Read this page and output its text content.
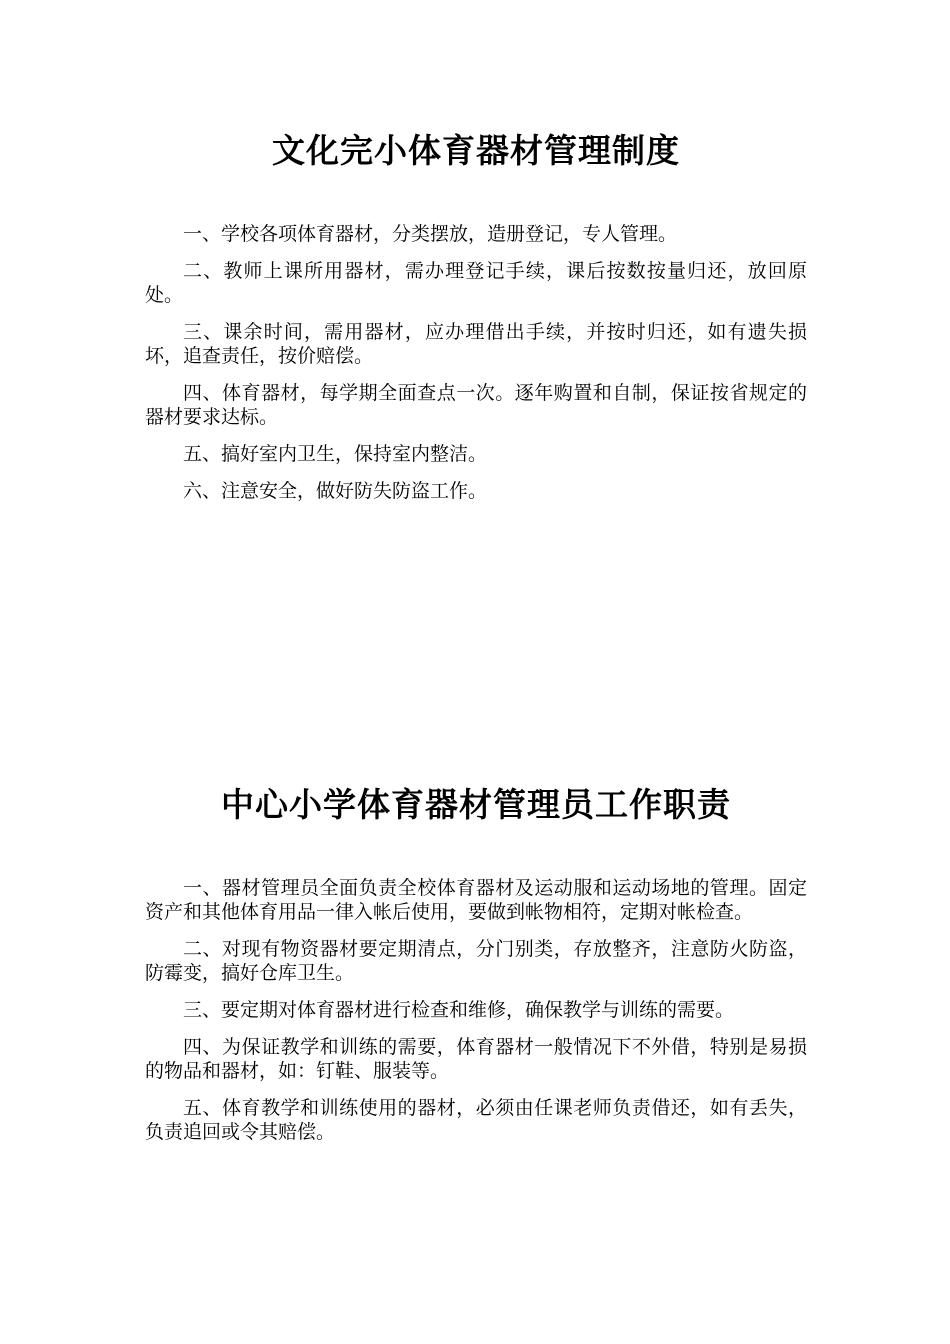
文化完小体育器材管理制度

一、学校各项体育器材，分类摆放，造册登记，专人管理。

二、教师上课所用器材，需办理登记手续，课后按数按量归还，放回原处。

三、课余时间，需用器材，应办理借出手续，并按时归还，如有遗失损坏，追查责任，按价赔偿。

四、体育器材，每学期全面查点一次。逐年购置和自制，保证按省规定的器材要求达标。

五、搞好室内卫生，保持室内整洁。

六、注意安全，做好防失防盗工作。

中心小学体育器材管理员工作职责

一、器材管理员全面负责全校体育器材及运动服和运动场地的管理。固定资产和其他体育用品一律入帐后使用，要做到帐物相符，定期对帐检查。

二、对现有物资器材要定期清点，分门别类，存放整齐，注意防火防盗，防霉变，搞好仓库卫生。

三、要定期对体育器材进行检查和维修，确保教学与训练的需要。

四、为保证教学和训练的需要，体育器材一般情况下不外借，特别是易损的物品和器材，如：钉鞋、服装等。

五、体育教学和训练使用的器材，必须由任课老师负责借还，如有丢失，负责追回或令其赔偿。
